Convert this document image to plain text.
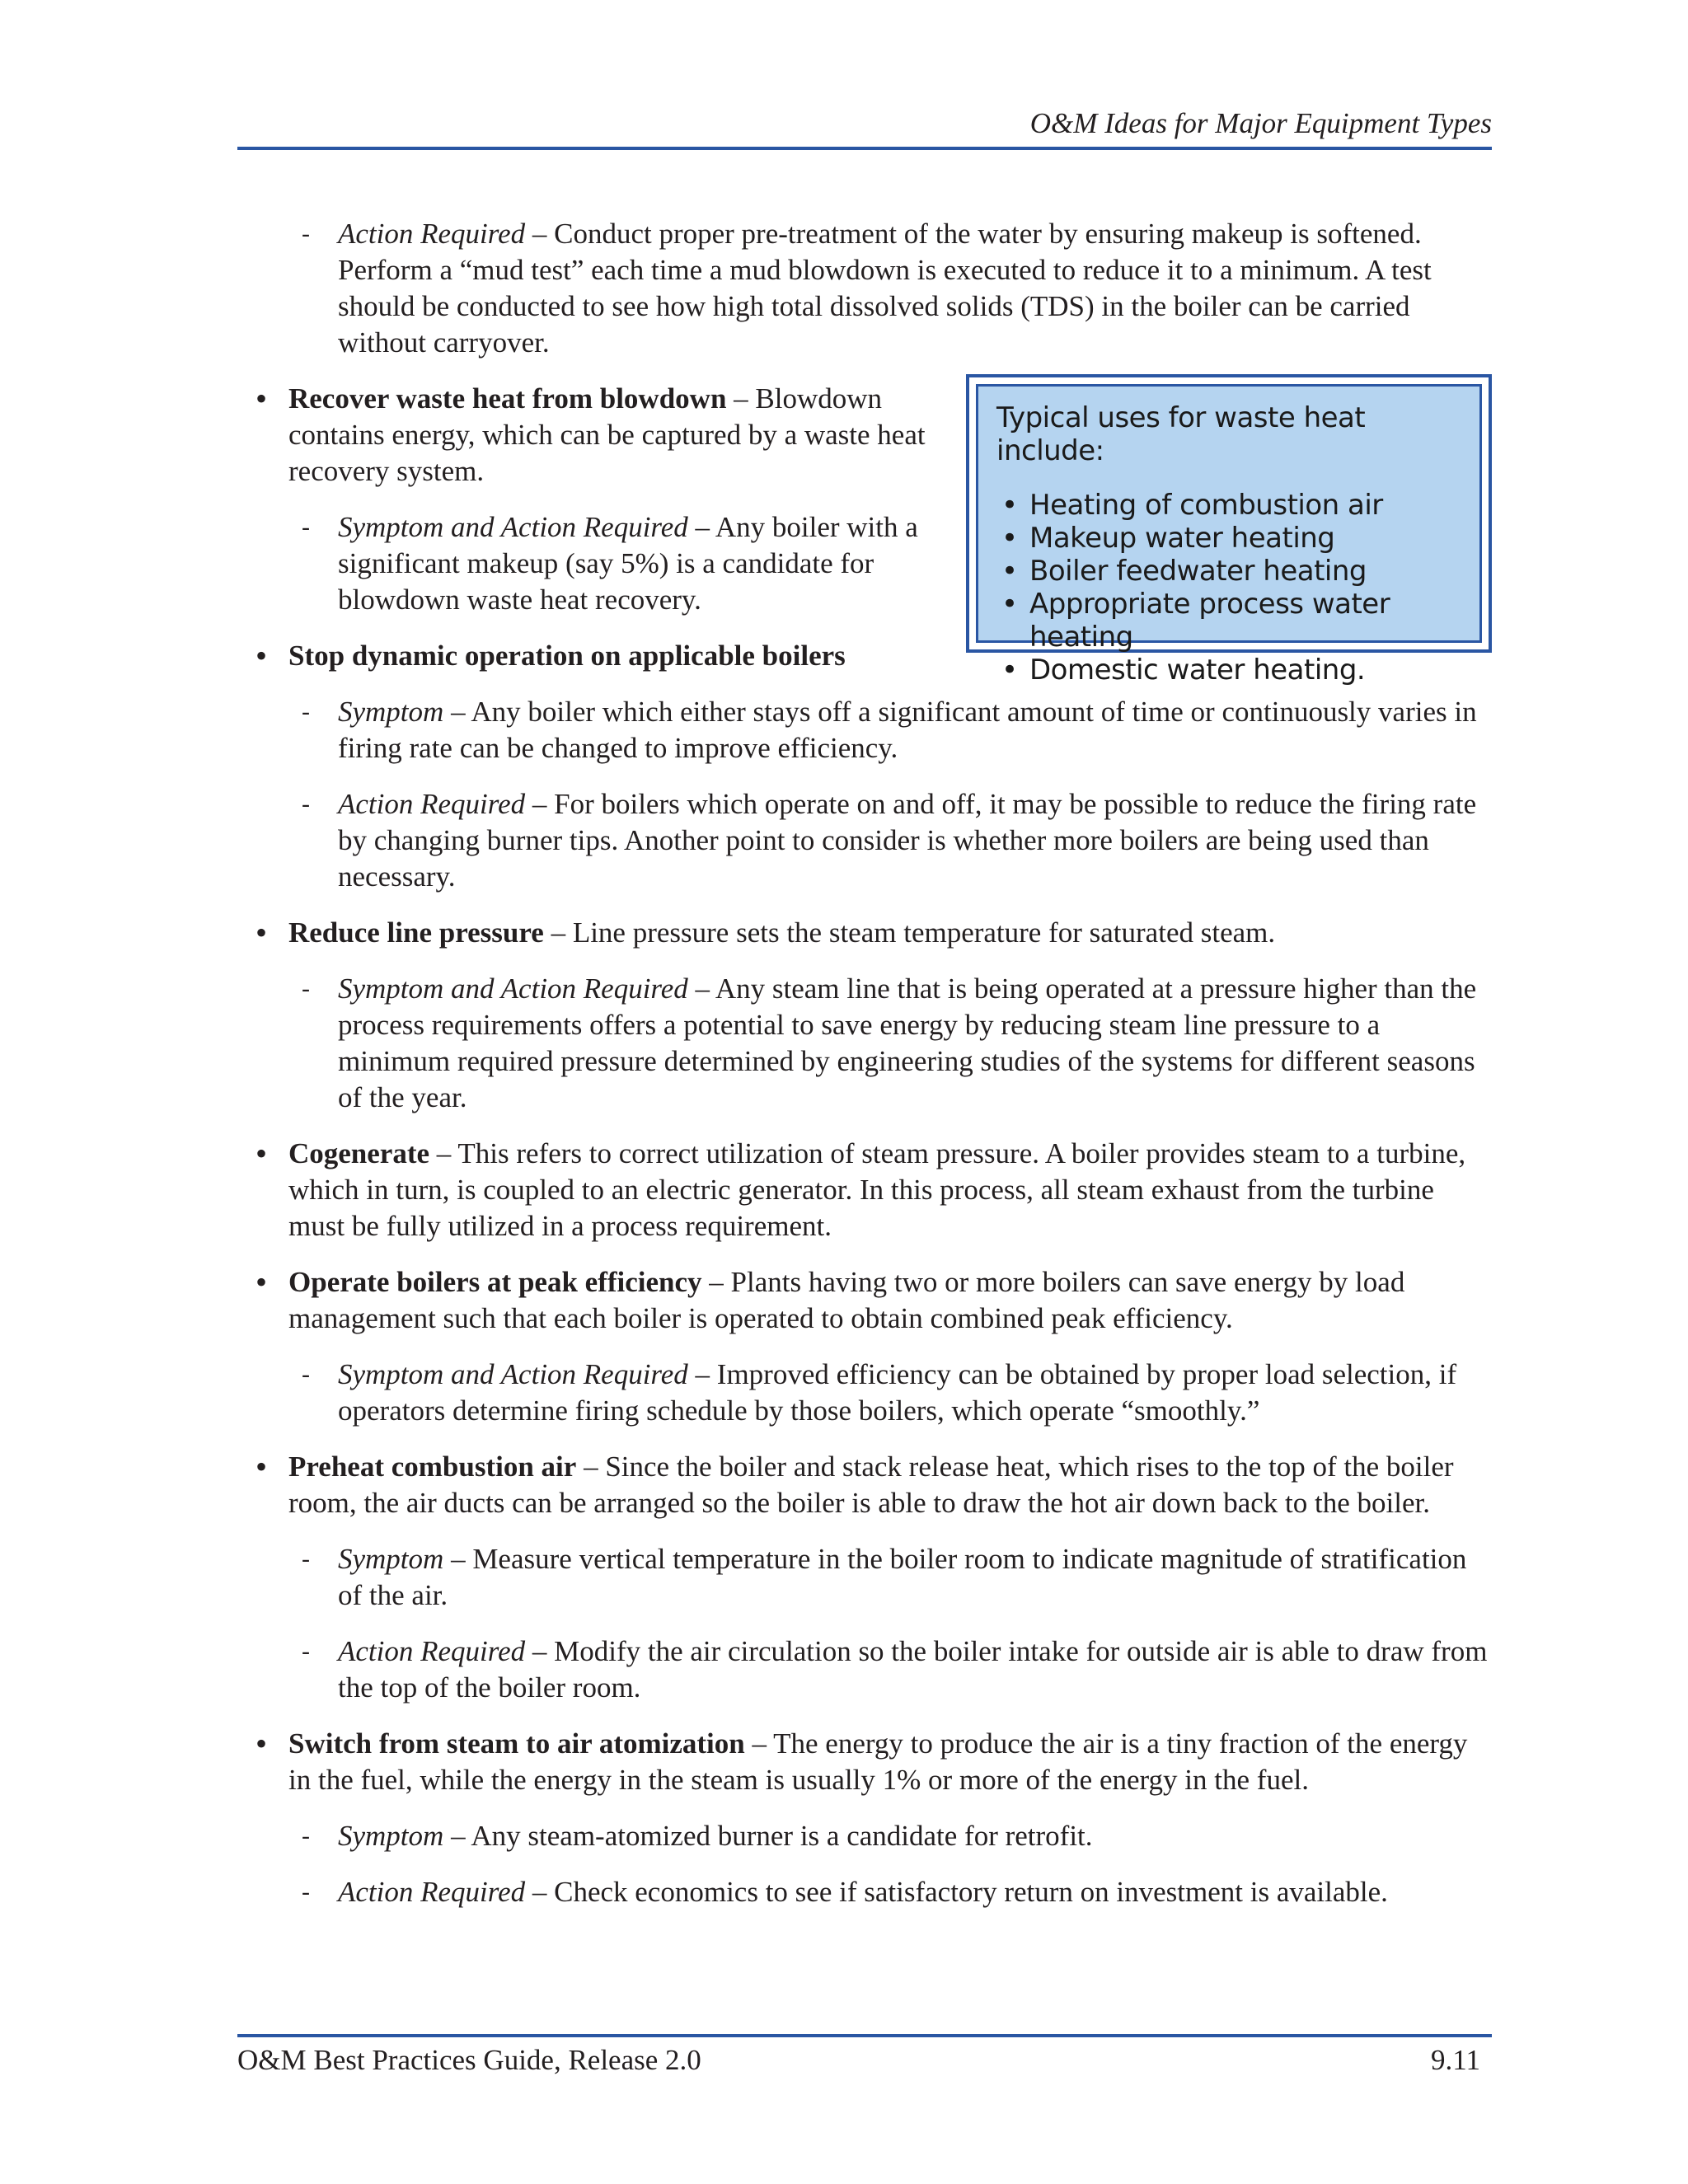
O&M Ideas for Major Equipment Types
Typical uses for waste heat include:
• Heating of combustion air
• Makeup water heating
• Boiler feedwater heating
• Appropriate process water heating
• Domestic water heating.
- Action Required – Conduct proper pre-treatment of the water by ensuring makeup is softened. Perform a “mud test” each time a mud blowdown is executed to reduce it to a minimum. A test should be conducted to see how high total dissolved solids (TDS) in the boiler can be carried without carryover.
• Recover waste heat from blowdown – Blowdown contains energy, which can be captured by a waste heat recovery system.
- Symptom and Action Required – Any boiler with a significant makeup (say 5%) is a candidate for blowdown waste heat recovery.
• Stop dynamic operation on applicable boilers
- Symptom – Any boiler which either stays off a significant amount of time or continuously varies in firing rate can be changed to improve efficiency.
- Action Required – For boilers which operate on and off, it may be possible to reduce the firing rate by changing burner tips. Another point to consider is whether more boilers are being used than necessary.
• Reduce line pressure – Line pressure sets the steam temperature for saturated steam.
- Symptom and Action Required – Any steam line that is being operated at a pressure higher than the process requirements offers a potential to save energy by reducing steam line pressure to a minimum required pressure determined by engineering studies of the systems for different seasons of the year.
• Cogenerate – This refers to correct utilization of steam pressure. A boiler provides steam to a turbine, which in turn, is coupled to an electric generator. In this process, all steam exhaust from the turbine must be fully utilized in a process requirement.
• Operate boilers at peak efficiency – Plants having two or more boilers can save energy by load management such that each boiler is operated to obtain combined peak efficiency.
- Symptom and Action Required – Improved efficiency can be obtained by proper load selection, if operators determine firing schedule by those boilers, which operate “smoothly.”
• Preheat combustion air – Since the boiler and stack release heat, which rises to the top of the boiler room, the air ducts can be arranged so the boiler is able to draw the hot air down back to the boiler.
- Symptom – Measure vertical temperature in the boiler room to indicate magnitude of stratification of the air.
- Action Required – Modify the air circulation so the boiler intake for outside air is able to draw from the top of the boiler room.
• Switch from steam to air atomization – The energy to produce the air is a tiny fraction of the energy in the fuel, while the energy in the steam is usually 1% or more of the energy in the fuel.
- Symptom – Any steam-atomized burner is a candidate for retrofit.
- Action Required – Check economics to see if satisfactory return on investment is available.
O&M Best Practices Guide, Release 2.0	9.11
